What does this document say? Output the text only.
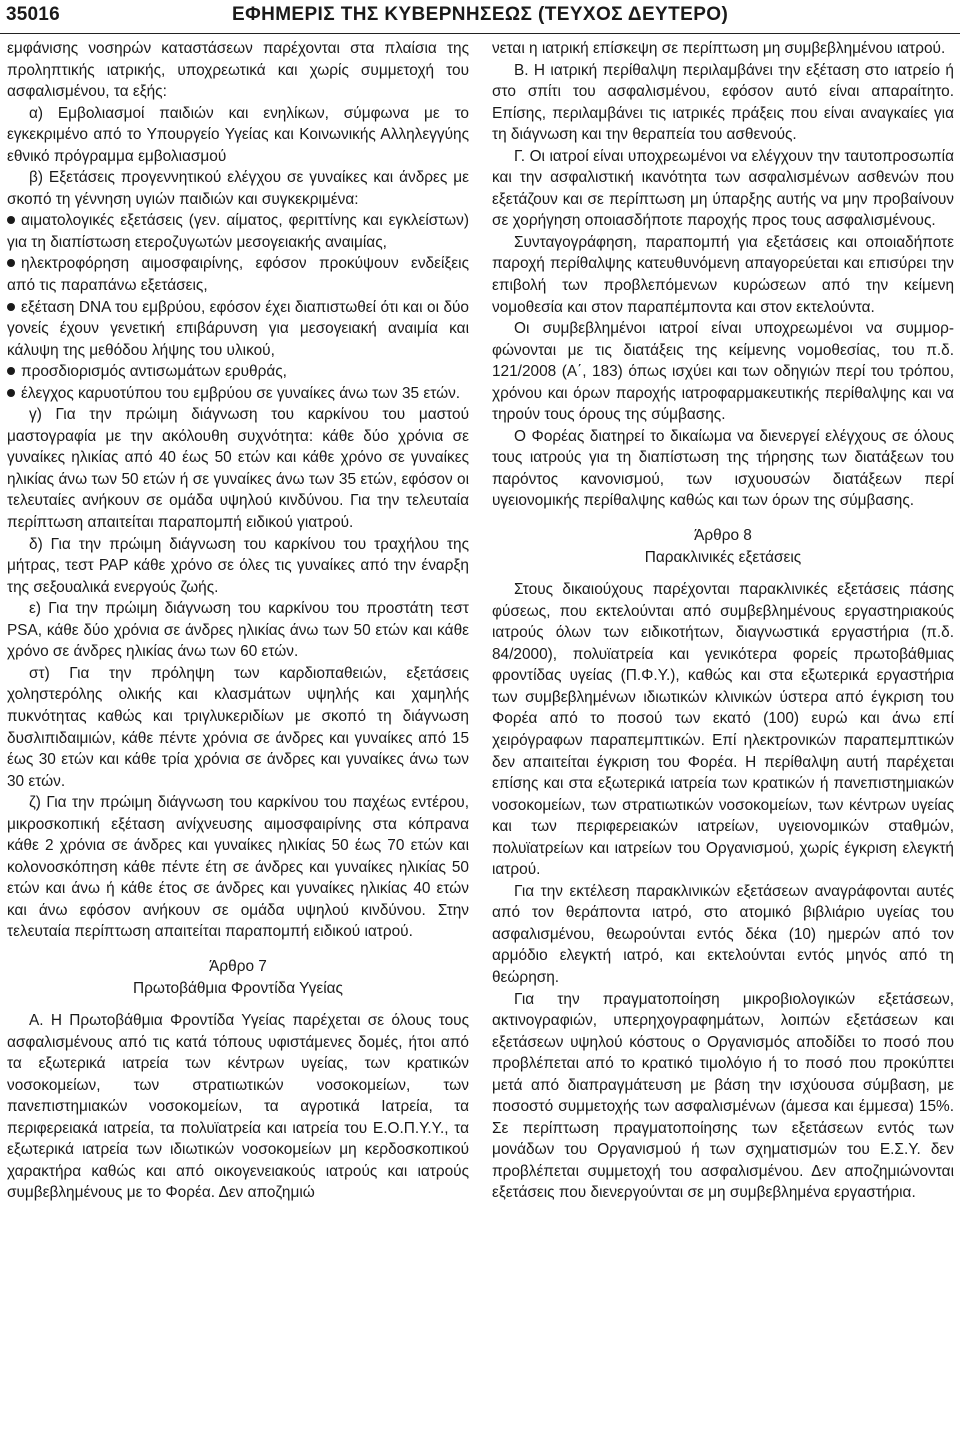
35016	ΕΦΗΜΕΡΙΣ ΤΗΣ ΚΥΒΕΡΝΗΣΕΩΣ (ΤΕΥΧΟΣ ΔΕΥΤΕΡΟ)
εμφάνισης νοσηρών καταστάσεων παρέχονται στα πλαίσια της προληπτικής ιατρικής, υποχρεωτικά και χωρίς συμμετοχή του ασφαλισμένου, τα εξής:
α) Εμβολιασμοί παιδιών και ενηλίκων, σύμφωνα με το εγκεκριμένο από το Υπουργείο Υγείας και Κοινωνικής Αλληλεγγύης εθνικό πρόγραμμα εμβολιασμού
β) Εξετάσεις προγεννητικού ελέγχου σε γυναίκες και άνδρες με σκοπό τη γέννηση υγιών παιδιών και συγκεκριμένα:
αιματολογικές εξετάσεις (γεν. αίματος, φεριττίνης και εγκλείστων) για τη διαπίστωση ετεροζυγωτών μεσογειακής αναιμίας,
ηλεκτροφόρηση αιμοσφαιρίνης, εφόσον προκύψουν ενδείξεις από τις παραπάνω εξετάσεις,
εξέταση DNA του εμβρύου, εφόσον έχει διαπιστωθεί ότι και οι δύο γονείς έχουν γενετική επιβάρυνση για μεσογειακή αναιμία και κάλυψη της μεθόδου λήψης του υλικού,
προσδιορισμός αντισωμάτων ερυθράς,
έλεγχος καρυοτύπου του εμβρύου σε γυναίκες άνω των 35 ετών.
γ) Για την πρώιμη διάγνωση του καρκίνου του μαστού μαστογραφία με την ακόλουθη συχνότητα: κάθε δύο χρόνια σε γυναίκες ηλικίας από 40 έως 50 ετών και κάθε χρόνο σε γυναίκες ηλικίας άνω των 50 ετών ή σε γυναίκες άνω των 35 ετών, εφόσον οι τελευταίες ανήκουν σε ομάδα υψηλού κινδύνου. Για την τελευταία περίπτωση απαιτείται παραπομπή ειδικού γιατρού.
δ) Για την πρώιμη διάγνωση του καρκίνου του τραχήλου της μήτρας, τεστ PAP κάθε χρόνο σε όλες τις γυναίκες από την έναρξη της σεξουαλικά ενεργούς ζωής.
ε) Για την πρώιμη διάγνωση του καρκίνου του προστάτη τεστ PSA, κάθε δύο χρόνια σε άνδρες ηλικίας άνω των 50 ετών και κάθε χρόνο σε άνδρες ηλικίας άνω των 60 ετών.
στ) Για την πρόληψη των καρδιοπαθειών, εξετάσεις χοληστερόλης ολικής και κλασμάτων υψηλής και χαμηλής πυκνότητας καθώς και τριγλυκεριδίων με σκοπό τη διάγνωση δυσλιπιδαιμιών, κάθε πέντε χρόνια σε άνδρες και γυναίκες από 15 έως 30 ετών και κάθε τρία χρόνια σε άνδρες και γυναίκες άνω των 30 ετών.
ζ) Για την πρώιμη διάγνωση του καρκίνου του παχέως εντέρου, μικροσκοπική εξέταση ανίχνευσης αιμοσφαιρίνης στα κόπρανα κάθε 2 χρόνια σε άνδρες και γυναίκες ηλικίας 50 έως 70 ετών και κολονοσκόπηση κάθε πέντε έτη σε άνδρες και γυναίκες ηλικίας 50 ετών και άνω ή κάθε έτος σε άνδρες και γυναίκες ηλικίας 40 ετών και άνω εφόσον ανήκουν σε ομάδα υψηλού κινδύνου. Στην τελευταία περίπτωση απαιτείται παραπομπή ειδικού ιατρού.
Άρθρο 7
Πρωτοβάθμια Φροντίδα Υγείας
Α. Η Πρωτοβάθμια Φροντίδα Υγείας παρέχεται σε όλους τους ασφαλισμένους από τις κατά τόπους υφιστάμενες δομές, ήτοι από τα εξωτερικά ιατρεία των κέντρων υγείας, των κρατικών νοσοκομείων, των στρατιωτικών νοσοκομείων, των πανεπιστημιακών νοσοκομείων, τα αγροτικά Ιατρεία, τα περιφερειακά ιατρεία, τα πολυϊατρεία και ιατρεία του Ε.Ο.Π.Υ.Υ., τα εξωτερικά ιατρεία των ιδιωτικών νοσοκομείων μη κερδοσκοπικού χαρακτήρα καθώς και από οικογενειακούς ιατρούς και ιατρούς συμβεβλημένους με το Φορέα. Δεν αποζημιώ
νεται η ιατρική επίσκεψη σε περίπτωση μη συμβεβλημένου ιατρού.
Β. Η ιατρική περίθαλψη περιλαμβάνει την εξέταση στο ιατρείο ή στο σπίτι του ασφαλισμένου, εφόσον αυτό είναι απαραίτητο. Επίσης, περιλαμβάνει τις ιατρικές πράξεις που είναι αναγκαίες για τη διάγνωση και την θεραπεία του ασθενούς.
Γ. Οι ιατροί είναι υποχρεωμένοι να ελέγχουν την ταυτοπροσωπία και την ασφαλιστική ικανότητα των ασφαλισμένων ασθενών που εξετάζουν και σε περίπτωση μη ύπαρξης αυτής να μην προβαίνουν σε χορήγηση οποιασδήποτε παροχής προς τους ασφαλισμένους.
Συνταγογράφηση, παραπομπή για εξετάσεις και οποιαδήποτε παροχή περίθαλψης κατευθυνόμενη απαγορεύεται και επισύρει την επιβολή των προβλεπόμενων κυρώσεων από την κείμενη νομοθεσία και στον παραπέμποντα και στον εκτελούντα.
Οι συμβεβλημένοι ιατροί είναι υποχρεωμένοι να συμμορφώνονται με τις διατάξεις της κείμενης νομοθεσίας, του π.δ. 121/2008 (Α΄, 183) όπως ισχύει και των οδηγιών περί του τρόπου, χρόνου και όρων παροχής ιατροφαρμακευτικής περίθαλψης και να τηρούν τους όρους της σύμβασης.
Ο Φορέας διατηρεί το δικαίωμα να διενεργεί ελέγχους σε όλους τους ιατρούς για τη διαπίστωση της τήρησης των διατάξεων του παρόντος κανονισμού, των ισχυουσών διατάξεων περί υγειονομικής περίθαλψης καθώς και των όρων της σύμβασης.
Άρθρο 8
Παρακλινικές εξετάσεις
Στους δικαιούχους παρέχονται παρακλινικές εξετάσεις πάσης φύσεως, που εκτελούνται από συμβεβλημένους εργαστηριακούς ιατρούς όλων των ειδικοτήτων, διαγνωστικά εργαστήρια (π.δ. 84/2000), πολυϊατρεία και γενικότερα φορείς πρωτοβάθμιας φροντίδας υγείας (Π.Φ.Υ.), καθώς και στα εξωτερικά εργαστήρια των συμβεβλημένων ιδιωτικών κλινικών ύστερα από έγκριση του Φορέα από το ποσού των εκατό (100) ευρώ και άνω επί χειρόγραφων παραπεμπτικών. Επί ηλεκτρονικών παραπεμπτικών δεν απαιτείται έγκριση του Φορέα. Η περίθαλψη αυτή παρέχεται επίσης και στα εξωτερικά ιατρεία των κρατικών ή πανεπιστημιακών νοσοκομείων, των στρατιωτικών νοσοκομείων, των κέντρων υγείας και των περιφερειακών ιατρείων, υγειονομικών σταθμών, πολυϊατρείων και ιατρείων του Οργανισμού, χωρίς έγκριση ελεγκτή ιατρού.
Για την εκτέλεση παρακλινικών εξετάσεων αναγράφονται αυτές από τον θεράποντα ιατρό, στο ατομικό βιβλιάριο υγείας του ασφαλισμένου, θεωρούνται εντός δέκα (10) ημερών από τον αρμόδιο ελεγκτή ιατρό, και εκτελούνται εντός μηνός από τη θεώρηση.
Για την πραγματοποίηση μικροβιολογικών εξετάσεων, ακτινογραφιών, υπερηχογραφημάτων, λοιπών εξετάσεων και εξετάσεων υψηλού κόστους ο Οργανισμός αποδίδει το ποσό που προβλέπεται από το κρατικό τιμολόγιο ή το ποσό που προκύπτει μετά από διαπραγμάτευση με βάση την ισχύουσα σύμβαση, με ποσοστό συμμετοχής των ασφαλισμένων (άμεσα και έμμεσα) 15%. Σε περίπτωση πραγματοποίησης των εξετάσεων εντός των μονάδων του Οργανισμού ή των σχηματισμών του Ε.Σ.Υ. δεν προβλέπεται συμμετοχή του ασφαλισμένου. Δεν αποζημιώνονται εξετάσεις που διενεργούνται σε μη συμβεβλημένα εργαστήρια.
